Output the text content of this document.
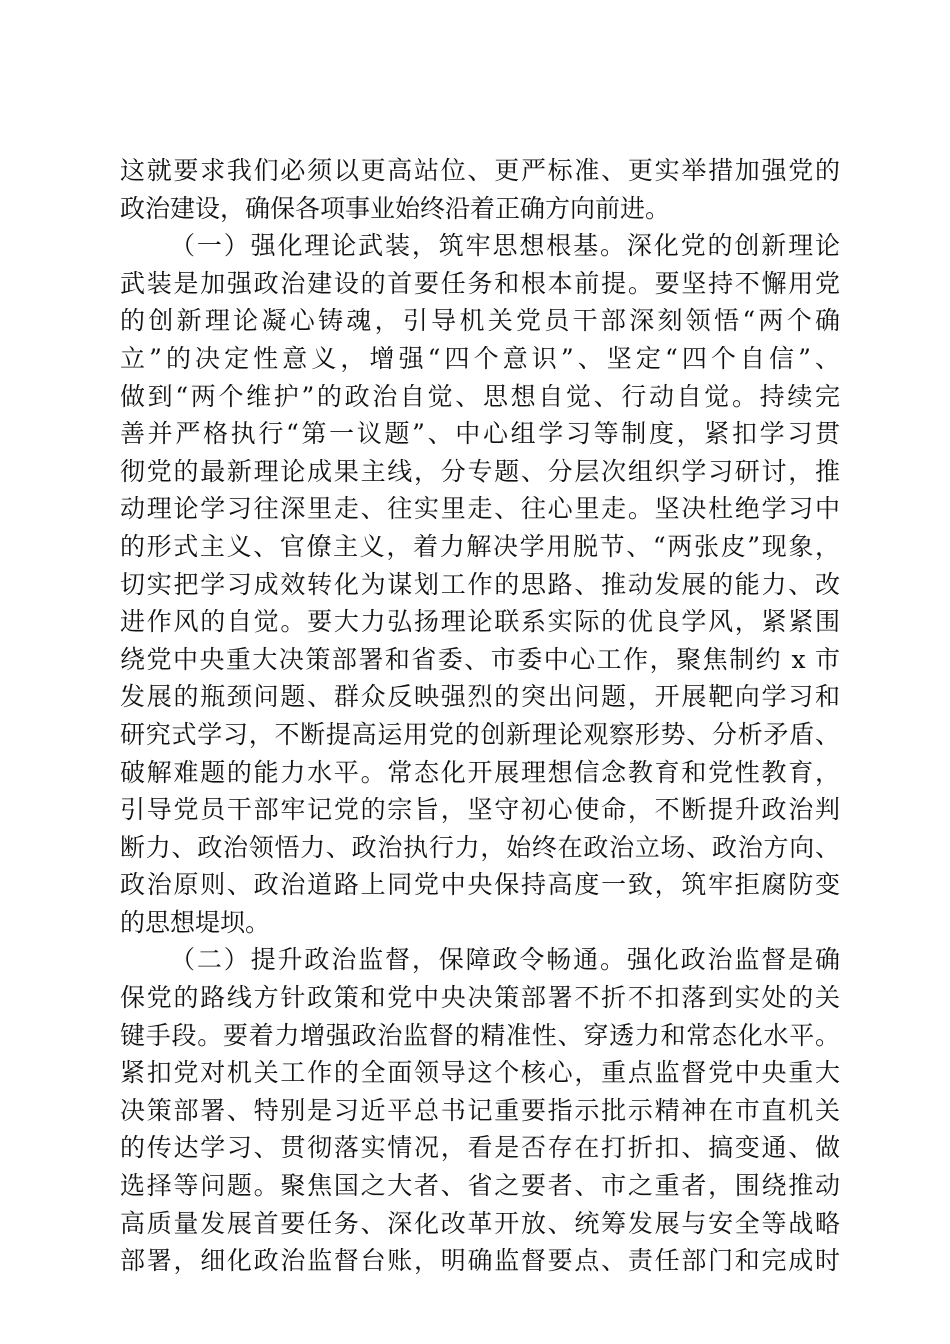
这就要求我们必须以更高站位、更严标准、更实举措加强党的
政治建设，确保各项事业始终沿着正确方向前进。

（一）强化理论武装，筑牢思想根基。深化党的创新理论
武装是加强政治建设的首要任务和根本前提。要坚持不懈用党
的创新理论凝心铸魂，引导机关党员干部深刻领悟“两个确
立”的决定性意义，增强“四个意识”、坚定“四个自信”、
做到“两个维护”的政治自觉、思想自觉、行动自觉。持续完
善并严格执行“第一议题”、中心组学习等制度，紧扣学习贯
彻党的最新理论成果主线，分专题、分层次组织学习研讨，推
动理论学习往深里走、往实里走、往心里走。坚决杜绝学习中
的形式主义、官僚主义，着力解决学用脱节、“两张皮”现象，
切实把学习成效转化为谋划工作的思路、推动发展的能力、改
进作风的自觉。要大力弘扬理论联系实际的优良学风，紧紧围
绕党中央重大决策部署和省委、市委中心工作，聚焦制约 x 市
发展的瓶颈问题、群众反映强烈的突出问题，开展靶向学习和
研究式学习，不断提高运用党的创新理论观察形势、分析矛盾、
破解难题的能力水平。常态化开展理想信念教育和党性教育，
引导党员干部牢记党的宗旨，坚守初心使命，不断提升政治判
断力、政治领悟力、政治执行力，始终在政治立场、政治方向、
政治原则、政治道路上同党中央保持高度一致，筑牢拒腐防变
的思想堤坝。

（二）提升政治监督，保障政令畅通。强化政治监督是确
保党的路线方针政策和党中央决策部署不折不扣落到实处的关
键手段。要着力增强政治监督的精准性、穿透力和常态化水平。
紧扣党对机关工作的全面领导这个核心，重点监督党中央重大
决策部署、特别是习近平总书记重要指示批示精神在市直机关
的传达学习、贯彻落实情况，看是否存在打折扣、搞变通、做
选择等问题。聚焦国之大者、省之要者、市之重者，围绕推动
高质量发展首要任务、深化改革开放、统筹发展与安全等战略
部署，细化政治监督台账，明确监督要点、责任部门和完成时
